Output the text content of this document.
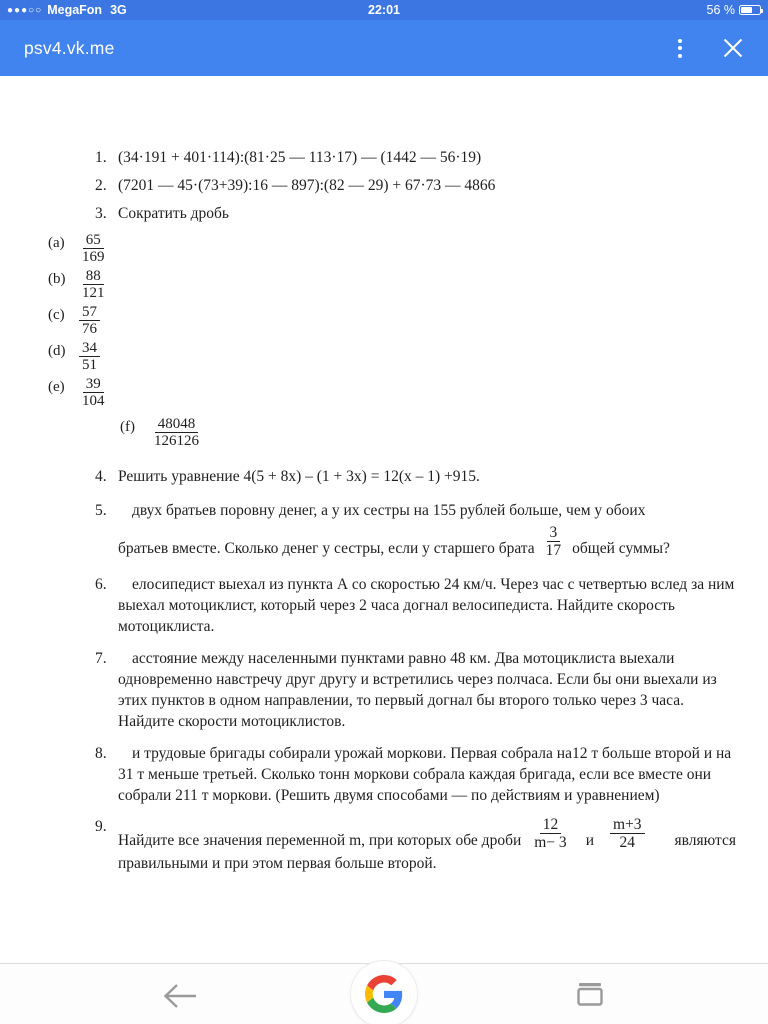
●●●○○ MegaFon 3G	22:01	56 %
psv4.vk.me
1. (34·191 + 401·114):(81·25 — 113·17) — (1442 — 56·19)
2. (7201 — 45·(73+39):16 — 897):(82 — 29) + 67·73 — 4866
3. Сократить дробь
$(a) \frac{65}{169}$
$(b) \frac{88}{121}$
$(c) \frac{57}{76}$
$(d) \frac{34}{51}$
$(e) \frac{39}{104}$
(f)	$\frac{48048}{126126}$
4. Решить уравнение 4(5 + 8x) – (1 + 3x) = 12(x – 1) +915.
5.	двух братьев поровну денег, а у их сестры на 155 рублей больше, чем у обоих
братьев вместе. Сколько денег у сестры, если у старшего брата $\frac{3}{17}$ общей суммы?
6.	елосипедист выехал из пункта А со скоростью 24 км/ч. Через час с четвертью вслед за ним выехал мотоциклист, который через 2 часа догнал велосипедиста. Найдите скорость мотоциклиста.
7.	асстояние между населенными пунктами равно 48 км. Два мотоциклиста выехали одновременно навстречу друг другу и встретились через полчаса. Если бы они выехали из этих пунктов в одном направлении, то первый догнал бы второго только через 3 часа. Найдите скорости мотоциклистов.
8.	и трудовые бригады собирали урожай моркови. Первая собрала на12 т больше второй и на 31 т меньше третьей. Сколько тонн моркови собрала каждая бригада, если все вместе они собрали 211 т моркови. (Решить двумя способами — по действиям и уравнением)
9.
Найдите все значения переменной m, при которых обе дроби $\frac{12}{m- 3}$ и $\frac{m+3}{24}$ являются
правильными и при этом первая больше второй.
